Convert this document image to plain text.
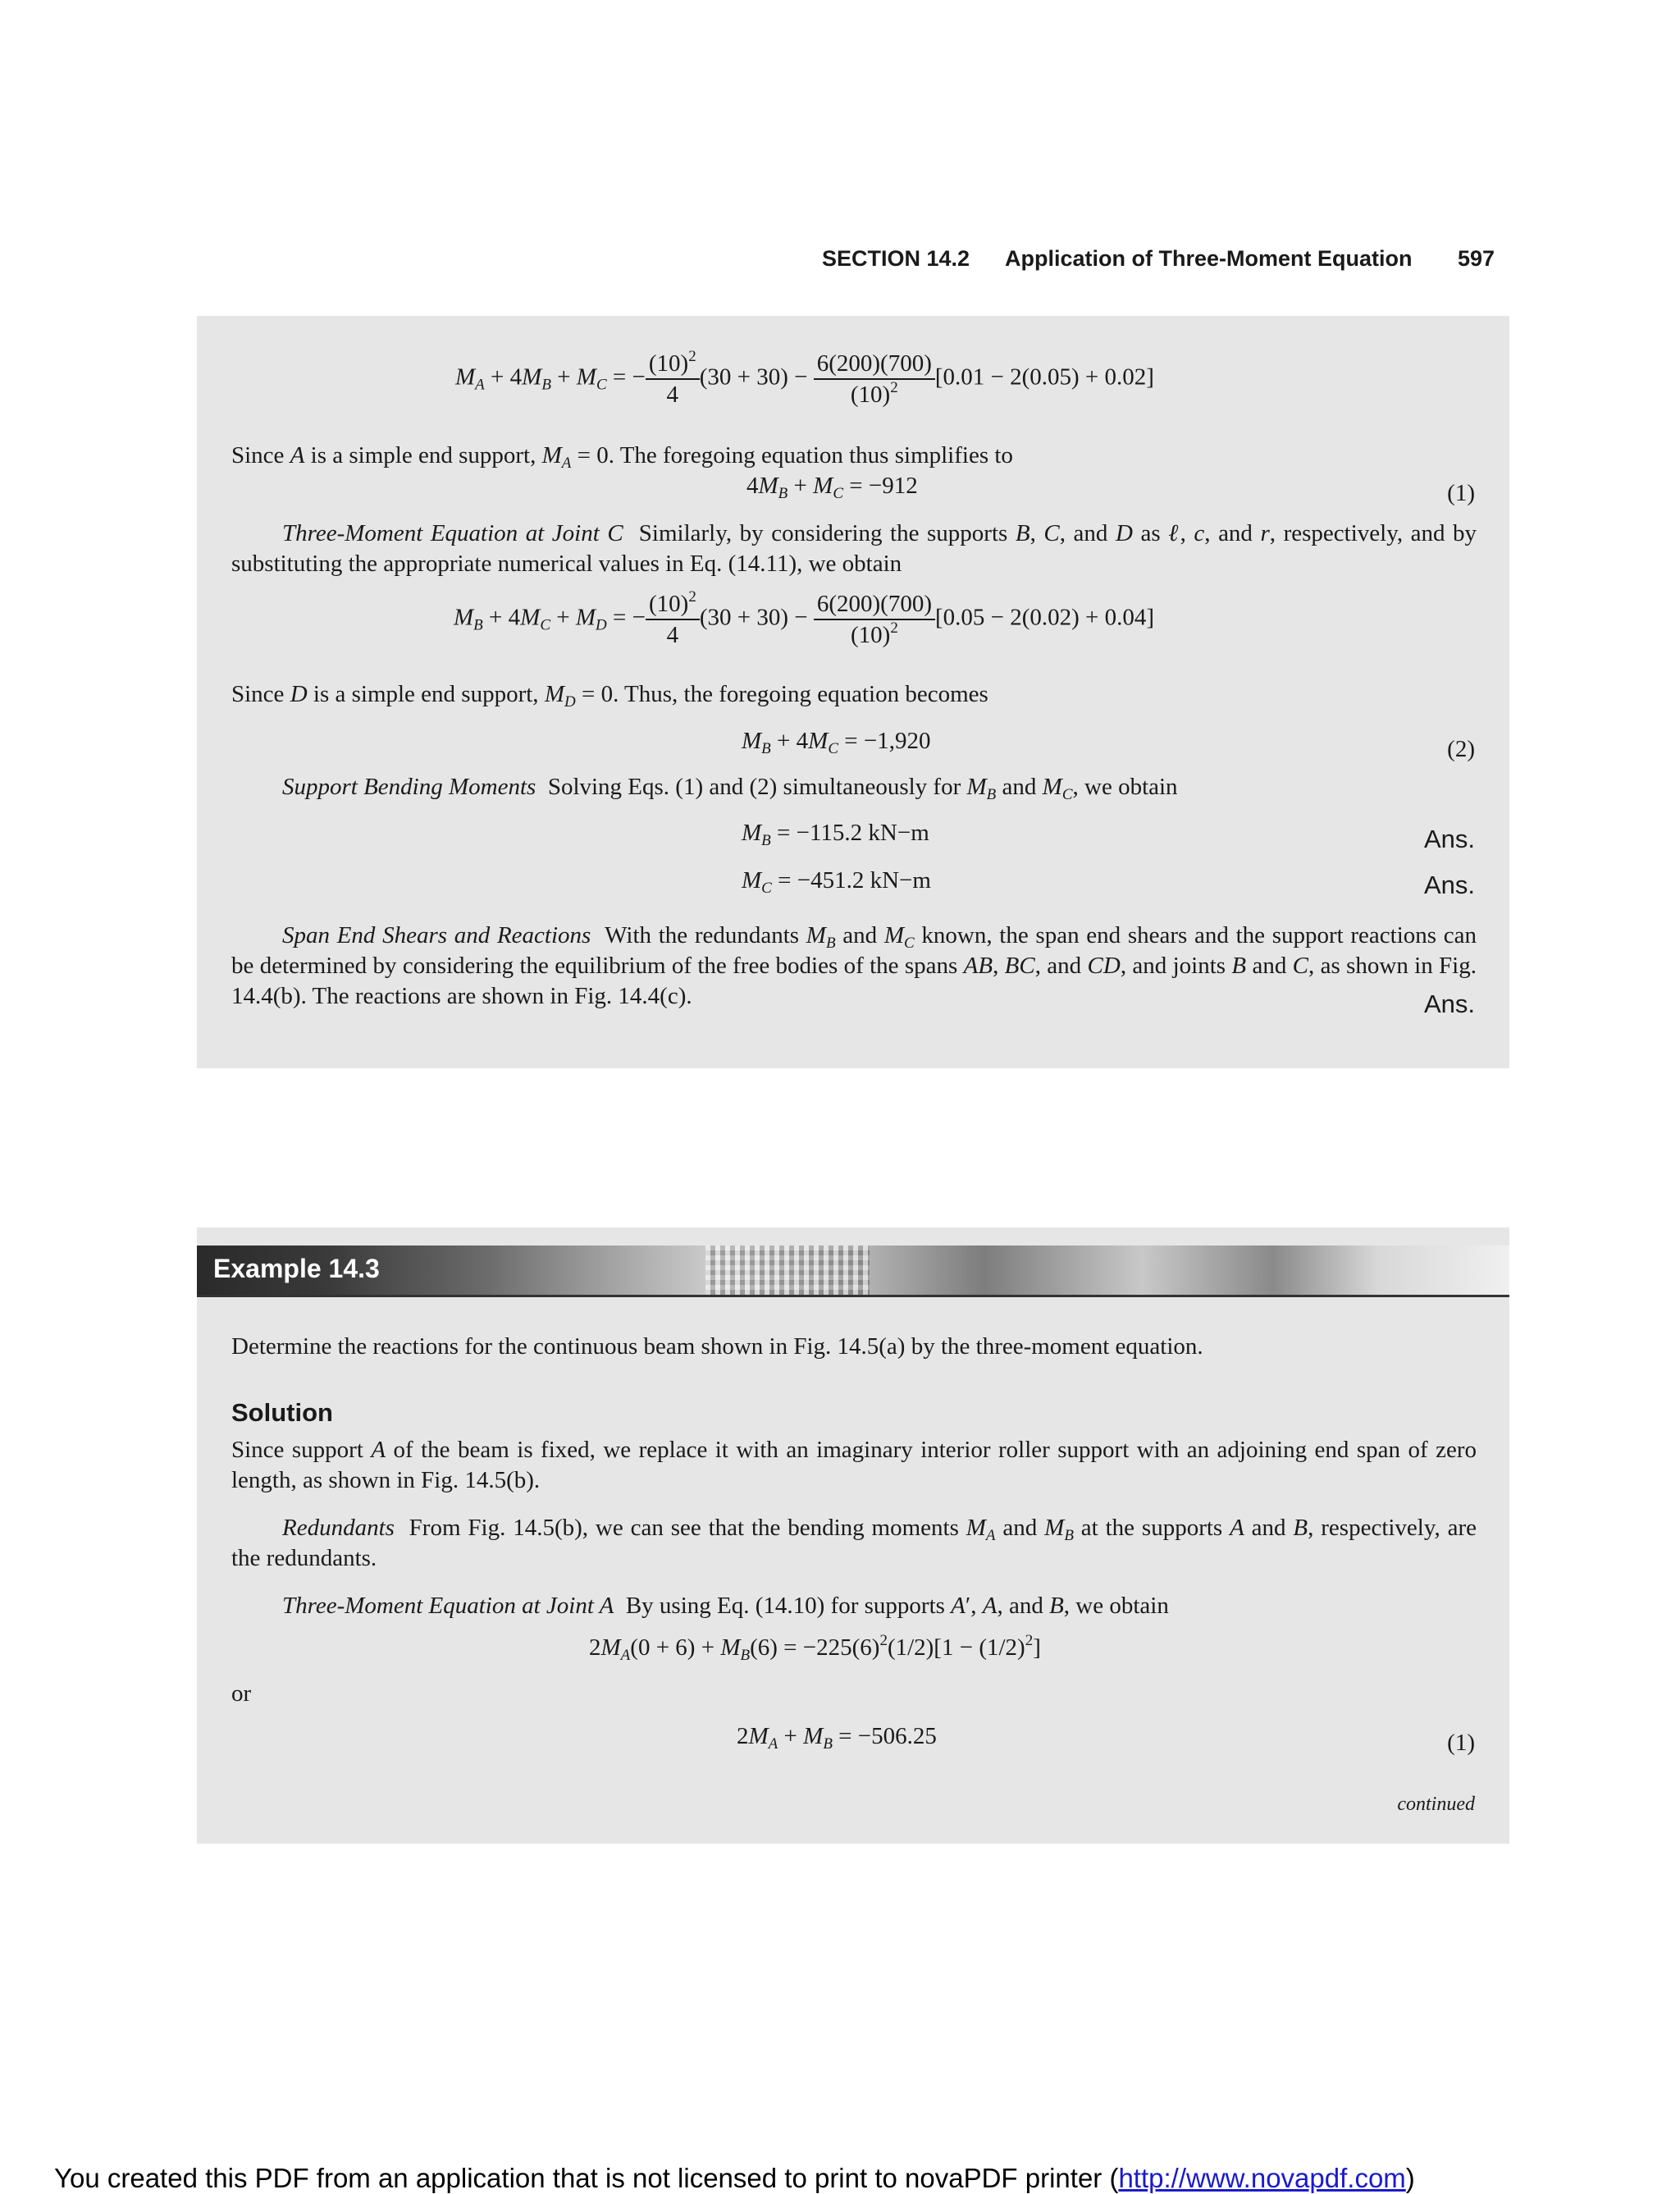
SECTION 14.2 Application of Three-Moment Equation 597
$M_A + 4M_B + M_C$ = − $\frac{(10)^2}{4} (30 + 30) - \frac{6(200)(700)}{(10)^2} [0.01 - 2(0.05) + 0.02]$
Since A is a simple end support, $M_A = 0$. The foregoing equation thus simplifies to
$4M_B + M_C = -912$	(1)
Three-Moment Equation at Joint C  Similarly, by considering the supports B, C, and D as ℓ, c, and r, respectively, and by substituting the appropriate numerical values in Eq. (14.11), we obtain
$M_B + 4M_C + M_D$ = − $\frac{(10)^2}{4} (30 + 30) - \frac{6(200)(700)}{(10)^2} [0.05 - 2(0.02) + 0.04]$
Since D is a simple end support, $M_D = 0$. Thus, the foregoing equation becomes
$M_B + 4M_C = -1,920$	(2)
Support Bending Moments  Solving Eqs. (1) and (2) simultaneously for $M_B$ and $M_C$, we obtain
$M_B = -115.2$ kN−m	Ans.
$M_C = -451.2$ kN−m	Ans.
Span End Shears and Reactions  With the redundants $M_B$ and $M_C$ known, the span end shears and the support reactions can be determined by considering the equilibrium of the free bodies of the spans AB, BC, and CD, and joints B and C, as shown in Fig. 14.4(b). The reactions are shown in Fig. 14.4(c).	Ans.
Example 14.3
Determine the reactions for the continuous beam shown in Fig. 14.5(a) by the three-moment equation.
Solution
Since support A of the beam is fixed, we replace it with an imaginary interior roller support with an adjoining end span of zero length, as shown in Fig. 14.5(b).
Redundants  From Fig. 14.5(b), we can see that the bending moments $M_A$ and $M_B$ at the supports A and B, respectively, are the redundants.
Three-Moment Equation at Joint A  By using Eq. (14.10) for supports A′, A, and B, we obtain
$2M_A(0 + 6) + M_B(6) = -225(6)^2(1/2)[1 - (1/2)^2]$
or
$2M_A + M_B = -506.25$	(1)
continued
You created this PDF from an application that is not licensed to print to novaPDF printer (http://www.novapdf.com)
